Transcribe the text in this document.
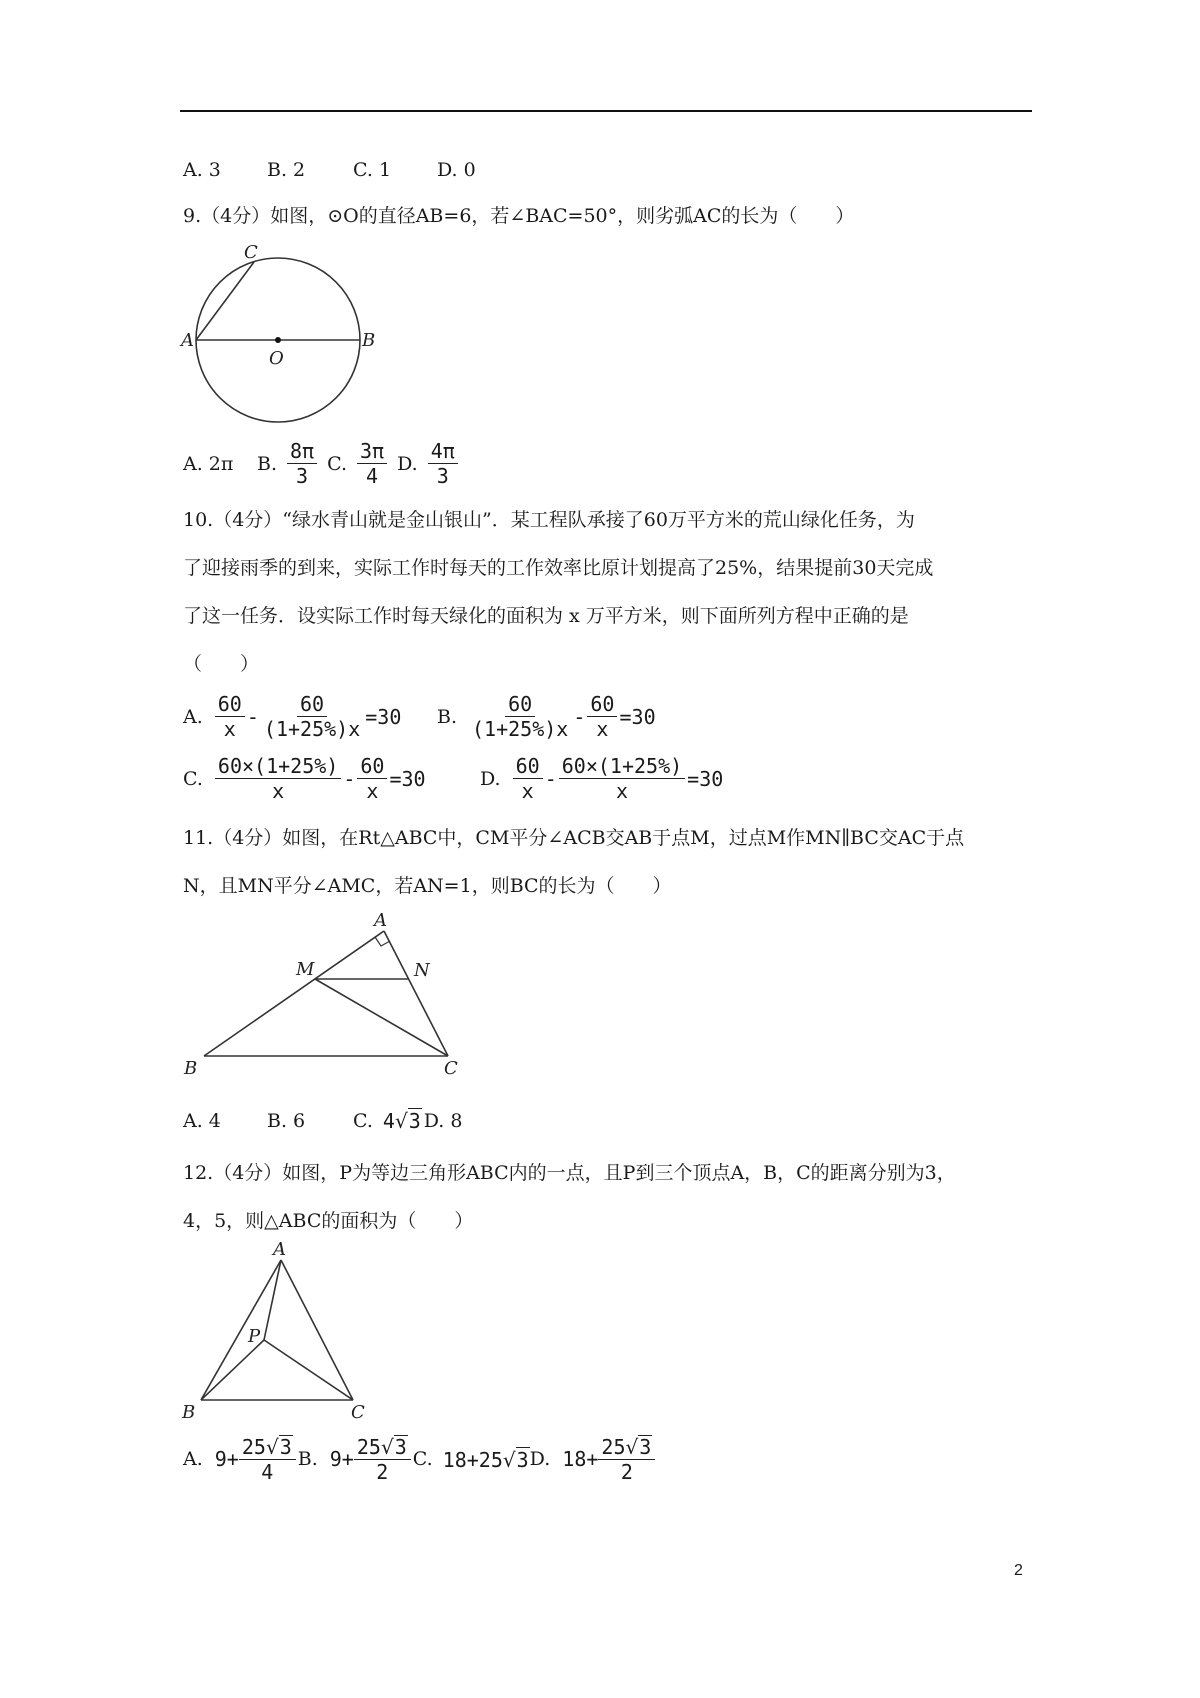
A. 3 B. 2	C. 1 D. 0
9.（4分）如图，⊙O的直径AB=6，若∠BAC=50°，则劣弧AC的长为（　　）
C
A
O
B
A. 2π	B. $\frac{8\pi}{3} C$. $\frac{3\pi}{4} D$. $\frac{4\pi}{3}$
10.（4分）“绿水青山就是金山银山”．某工程队承接了60万平方米的荒山绿化任务，为
了迎接雨季的到来，实际工作时每天的工作效率比原计划提高了25%，结果提前30天完成
了这一任务．设实际工作时每天绿化的面积为 x 万平方米，则下面所列方程中正确的是
（　　）
A. $\frac{60}{x} - \frac{60}{(1+25\%)x} =30$ B. $\frac{60}{(1+25\%)x} - \frac{60}{x} =30$
C. $\frac{60\times(1+25\%)}{x} - \frac{60}{x} =30$	D. $\frac{60}{x} - \frac{60\times(1+25\%)}{x} =30$
11.（4分）如图，在Rt△ABC中，CM平分∠ACB交AB于点M，过点M作MN∥BC交AC于点
N，且MN平分∠AMC，若AN=1，则BC的长为（　　）
A
M	N
B	C
A. 4	B. 6	C. 4√3 D. 8
12.（4分）如图，P为等边三角形ABC内的一点，且P到三个顶点A，B，C的距离分别为3，
4，5，则△ABC的面积为（　　）
A
P
B	C
A. $9+ \frac{25√3}{4} B$. $9+ \frac{25√3}{2} C$. 18+25√3 D. $18+ \frac{25√3}{2}$
2
